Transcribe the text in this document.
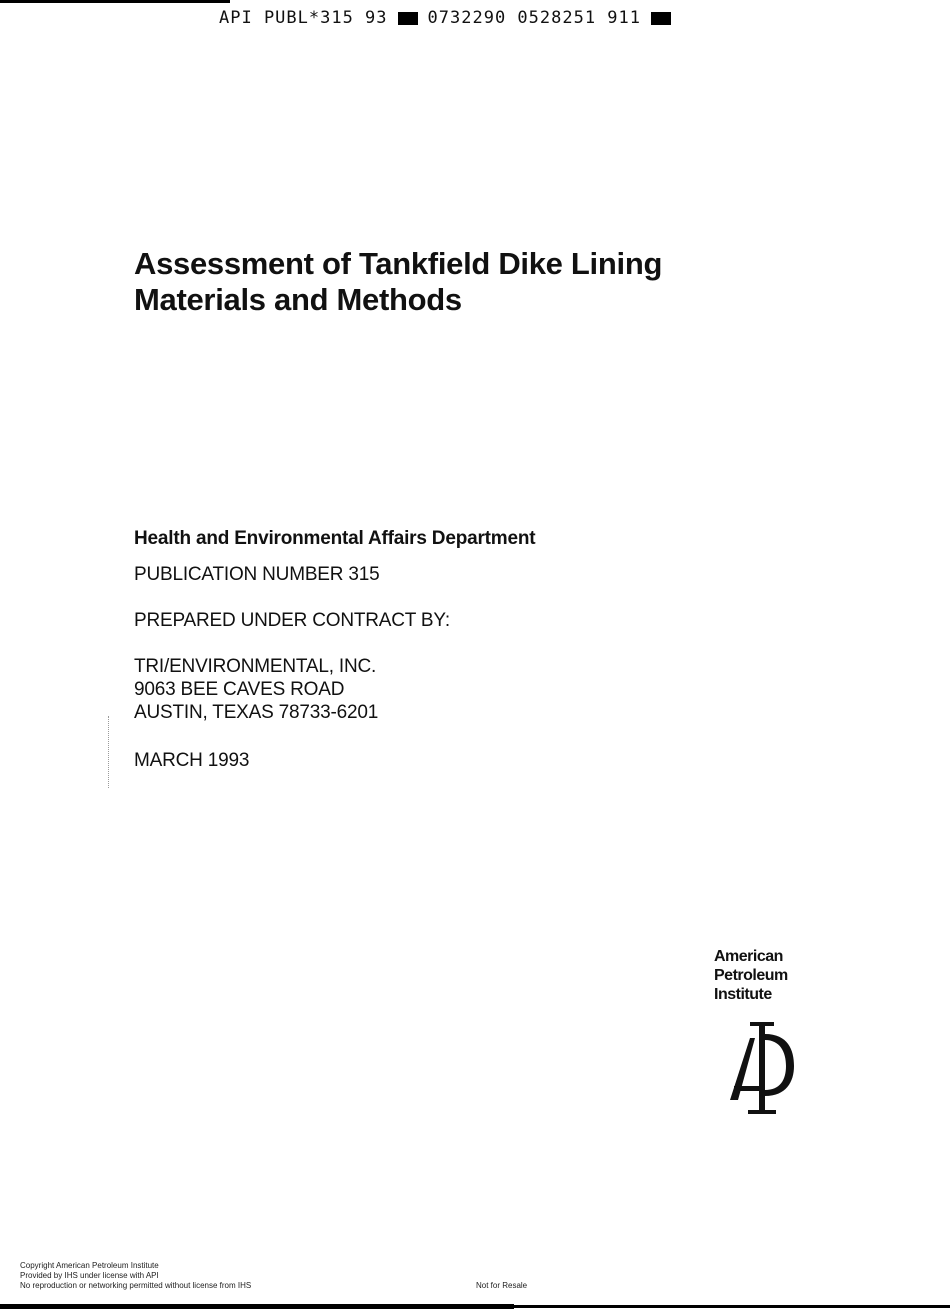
API PUBL*315 93 0732290 0528251 911
Assessment of Tankfield Dike Lining
Materials and Methods
Health and Environmental Affairs Department
PUBLICATION NUMBER 315
PREPARED UNDER CONTRACT BY:
TRI/ENVIRONMENTAL, INC.
9063 BEE CAVES ROAD
AUSTIN, TEXAS 78733-6201
MARCH 1993
American
Petroleum
Institute
Copyright American Petroleum Institute
Provided by IHS under license with API
No reproduction or networking permitted without license from IHS	Not for Resale
